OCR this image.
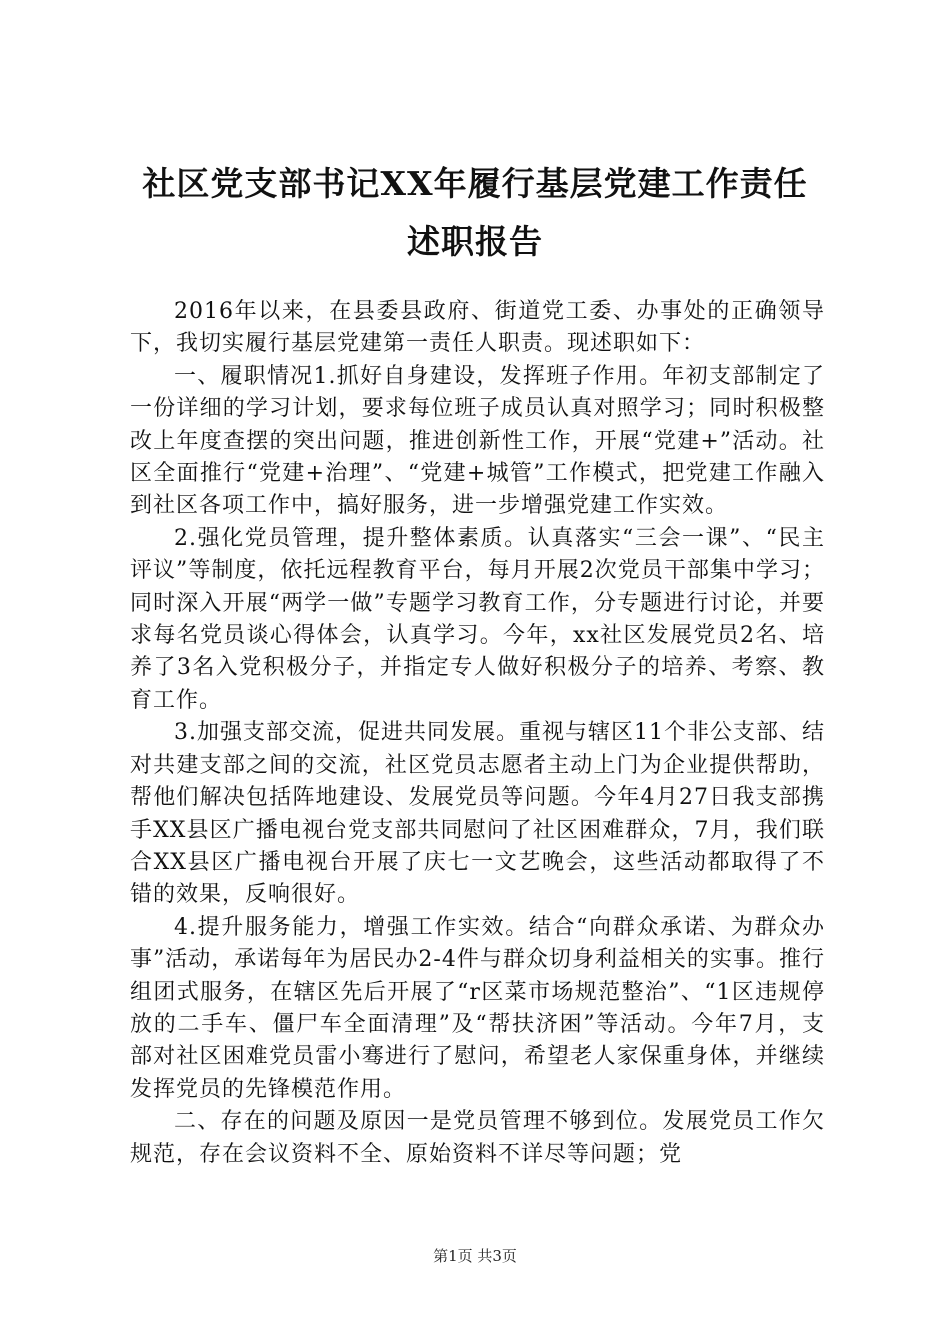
社区党支部书记XX年履行基层党建工作责任
述职报告

2016年以来，在县委县政府、街道党工委、办事处的正确领导下，我切实履行基层党建第一责任人职责。现述职如下：

一、履职情况1.抓好自身建设，发挥班子作用。年初支部制定了一份详细的学习计划，要求每位班子成员认真对照学习；同时积极整改上年度查摆的突出问题，推进创新性工作，开展“党建+”活动。社区全面推行“党建+治理”、“党建+城管”工作模式，把党建工作融入到社区各项工作中，搞好服务，进一步增强党建工作实效。

2.强化党员管理，提升整体素质。认真落实“三会一课”、“民主评议”等制度，依托远程教育平台，每月开展2次党员干部集中学习；同时深入开展“两学一做”专题学习教育工作，分专题进行讨论，并要求每名党员谈心得体会，认真学习。今年，xx社区发展党员2名、培养了3名入党积极分子，并指定专人做好积极分子的培养、考察、教育工作。

3.加强支部交流，促进共同发展。重视与辖区11个非公支部、结对共建支部之间的交流，社区党员志愿者主动上门为企业提供帮助，帮他们解决包括阵地建设、发展党员等问题。今年4月27日我支部携手XX县区广播电视台党支部共同慰问了社区困难群众，7月，我们联合XX县区广播电视台开展了庆七一文艺晚会，这些活动都取得了不错的效果，反响很好。

4.提升服务能力，增强工作实效。结合“向群众承诺、为群众办事”活动，承诺每年为居民办2-4件与群众切身利益相关的实事。推行组团式服务，在辖区先后开展了“r区菜市场规范整治”、“1区违规停放的二手车、僵尸车全面清理”及“帮扶济困”等活动。今年7月，支部对社区困难党员雷小骞进行了慰问，希望老人家保重身体，并继续发挥党员的先锋模范作用。

二、存在的问题及原因一是党员管理不够到位。发展党员工作欠规范，存在会议资料不全、原始资料不详尽等问题；党

第1页 共3页
